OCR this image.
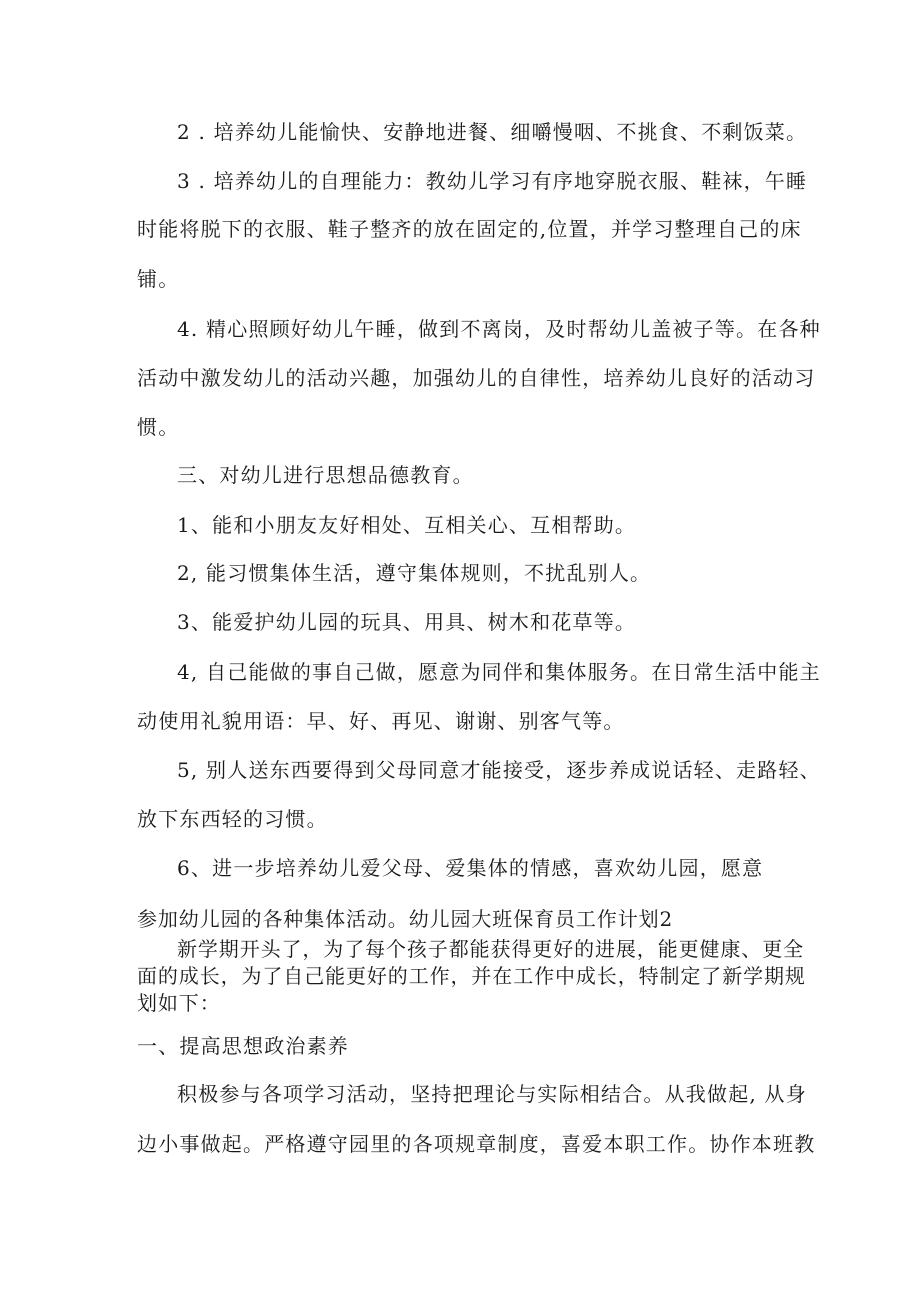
2 . 培养幼儿能愉快、安静地进餐、细嚼慢咽、不挑食、不剩饭菜。

3 . 培养幼儿的自理能力：教幼儿学习有序地穿脱衣服、鞋袜，午睡

时能将脱下的衣服、鞋子整齐的放在固定的,位置，并学习整理自己的床

铺。

4. 精心照顾好幼儿午睡，做到不离岗，及时帮幼儿盖被子等。在各种

活动中激发幼儿的活动兴趣，加强幼儿的自律性，培养幼儿良好的活动习

惯。

三、对幼儿进行思想品德教育。

1、能和小朋友友好相处、互相关心、互相帮助。

2, 能习惯集体生活，遵守集体规则，不扰乱别人。

3、能爱护幼儿园的玩具、用具、树木和花草等。

4, 自己能做的事自己做，愿意为同伴和集体服务。在日常生活中能主

动使用礼貌用语：早、好、再见、谢谢、别客气等。

5, 别人送东西要得到父母同意才能接受，逐步养成说话轻、走路轻、

放下东西轻的习惯。

6、进一步培养幼儿爱父母、爱集体的情感，喜欢幼儿园，愿意

参加幼儿园的各种集体活动。幼儿园大班保育员工作计划2

新学期开头了，为了每个孩子都能获得更好的进展，能更健康、更全

面的成长，为了自己能更好的工作，并在工作中成长，特制定了新学期规

划如下：

一、提高思想政治素养

积极参与各项学习活动，坚持把理论与实际相结合。从我做起, 从身

边小事做起。严格遵守园里的各项规章制度，喜爱本职工作。协作本班教
